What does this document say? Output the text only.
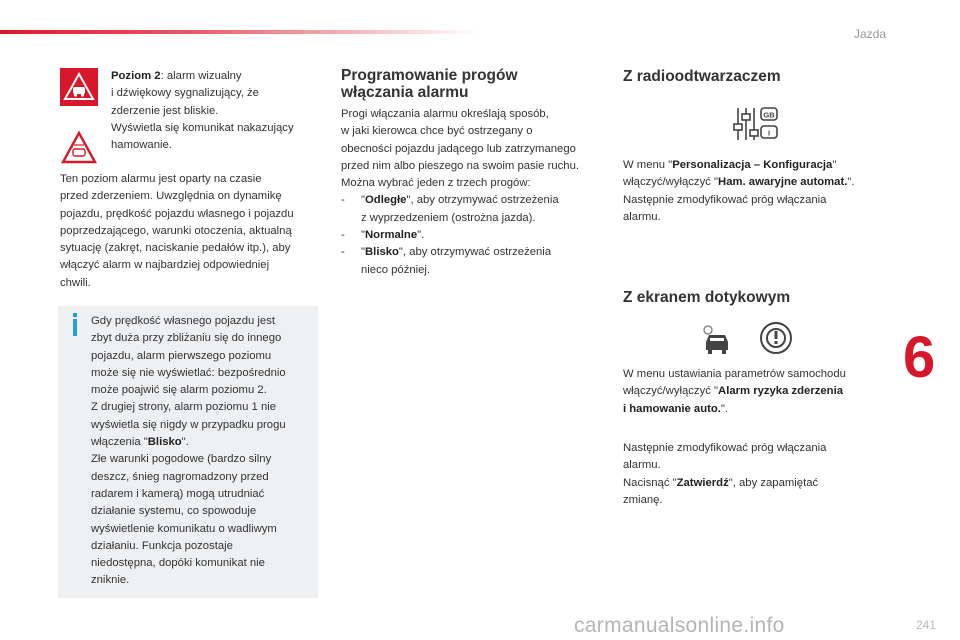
Jazda

Poziom 2: alarm wizualny
i dźwiękowy sygnalizujący, że
zderzenie jest bliskie.
Wyświetla się komunikat nakazujący
hamowanie.
Ten poziom alarmu jest oparty na czasie
przed zderzeniem. Uwzględnia on dynamikę
pojazdu, prędkość pojazdu własnego i pojazdu
poprzedzającego, warunki otoczenia, aktualną
sytuację (zakręt, naciskanie pedałów itp.), aby
włączyć alarm w najbardziej odpowiedniej
chwili.
Gdy prędkość własnego pojazdu jest
zbyt duża przy zbliżaniu się do innego
pojazdu, alarm pierwszego poziomu
może się nie wyświetlać: bezpośrednio
może poajwić się alarm poziomu 2.
Z drugiej strony, alarm poziomu 1 nie
wyświetla się nigdy w przypadku progu
włączenia "Blisko".
Złe warunki pogodowe (bardzo silny
deszcz, śnieg nagromadzony przed
radarem i kamerą) mogą utrudniać
działanie systemu, co spowoduje
wyświetlenie komunikatu o wadliwym
działaniu. Funkcja pozostaje
niedostępna, dopóki komunikat nie
zniknie.
Programowanie progów
włączania alarmu
Progi włączania alarmu określają sposób,
w jaki kierowca chce być ostrzegany o
obecności pojazdu jadącego lub zatrzymanego
przed nim albo pieszego na swoim pasie ruchu.
Można wybrać jeden z trzech progów:
- "Odległe", aby otrzymywać ostrzeżenia
z wyprzedzeniem (ostrożna jazda).
- "Normalne".
- "Blisko", aby otrzymywać ostrzeżenia
nieco później.
Z radioodtwarzaczem
GB
I
W menu "Personalizacja – Konfiguracja"
włączyć/wyłączyć "Ham. awaryjne automat.".
Następnie zmodyfikować próg włączania
alarmu.
Z ekranem dotykowym
W menu ustawiania parametrów samochodu
włączyć/wyłączyć "Alarm ryzyka zderzenia
i hamowanie auto.".
Następnie zmodyfikować próg włączania
alarmu.
Nacisnąć "Zatwierdź", aby zapamiętać
zmianę.
6
carmanualsonline.info	241
